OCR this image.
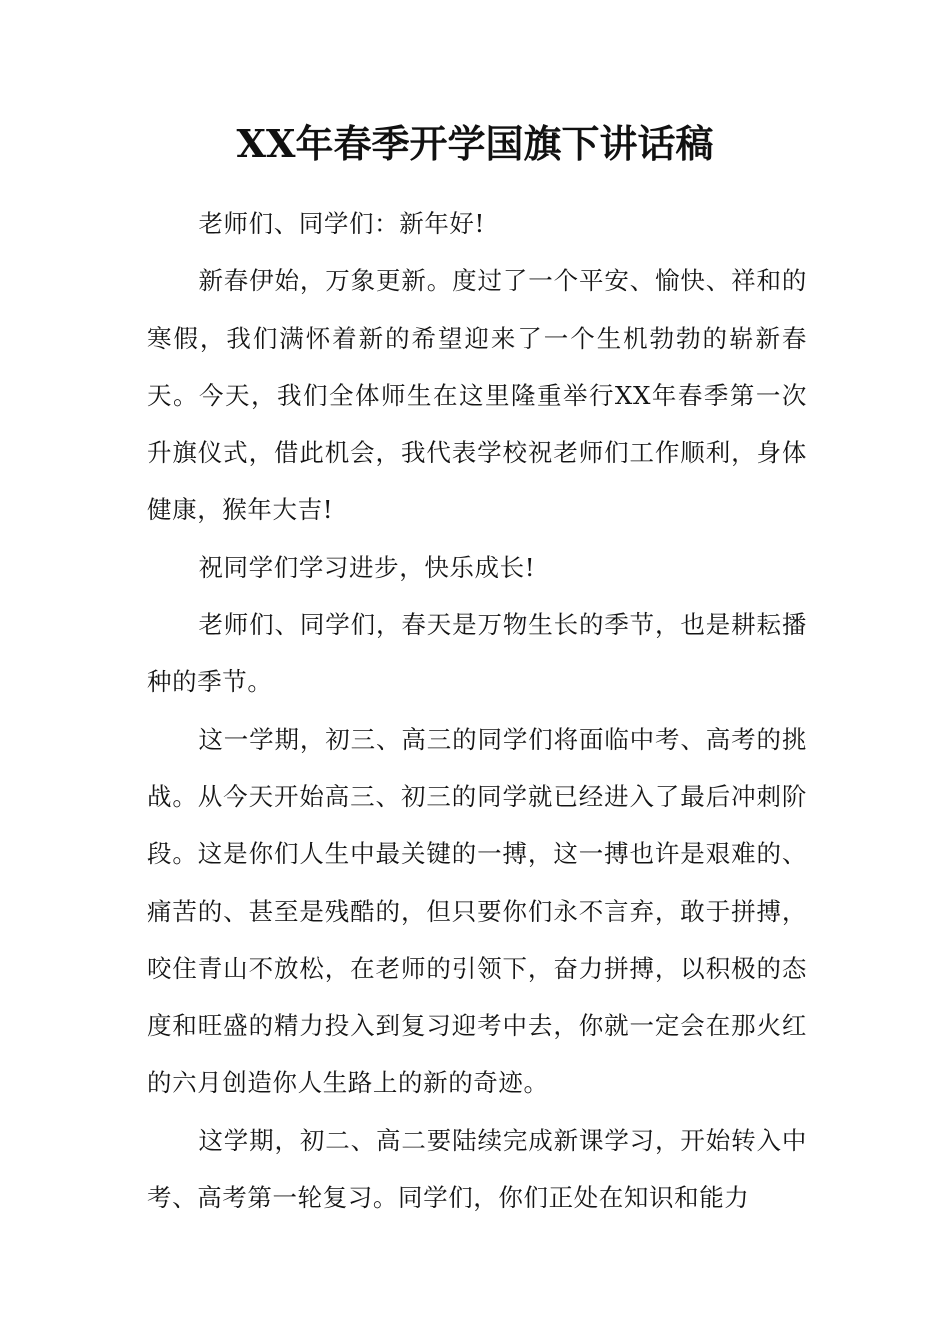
XX年春季开学国旗下讲话稿

老师们、同学们：新年好!

新春伊始，万象更新。度过了一个平安、愉快、祥和的寒假，我们满怀着新的希望迎来了一个生机勃勃的崭新春天。今天，我们全体师生在这里隆重举行XX年春季第一次升旗仪式，借此机会，我代表学校祝老师们工作顺利，身体健康，猴年大吉!

祝同学们学习进步，快乐成长!

老师们、同学们，春天是万物生长的季节，也是耕耘播种的季节。

这一学期，初三、高三的同学们将面临中考、高考的挑战。从今天开始高三、初三的同学就已经进入了最后冲刺阶段。这是你们人生中最关键的一搏，这一搏也许是艰难的、痛苦的、甚至是残酷的，但只要你们永不言弃，敢于拼搏，咬住青山不放松，在老师的引领下，奋力拼搏，以积极的态度和旺盛的精力投入到复习迎考中去，你就一定会在那火红的六月创造你人生路上的新的奇迹。

这学期，初二、高二要陆续完成新课学习，开始转入中考、高考第一轮复习。同学们，你们正处在知识和能力
